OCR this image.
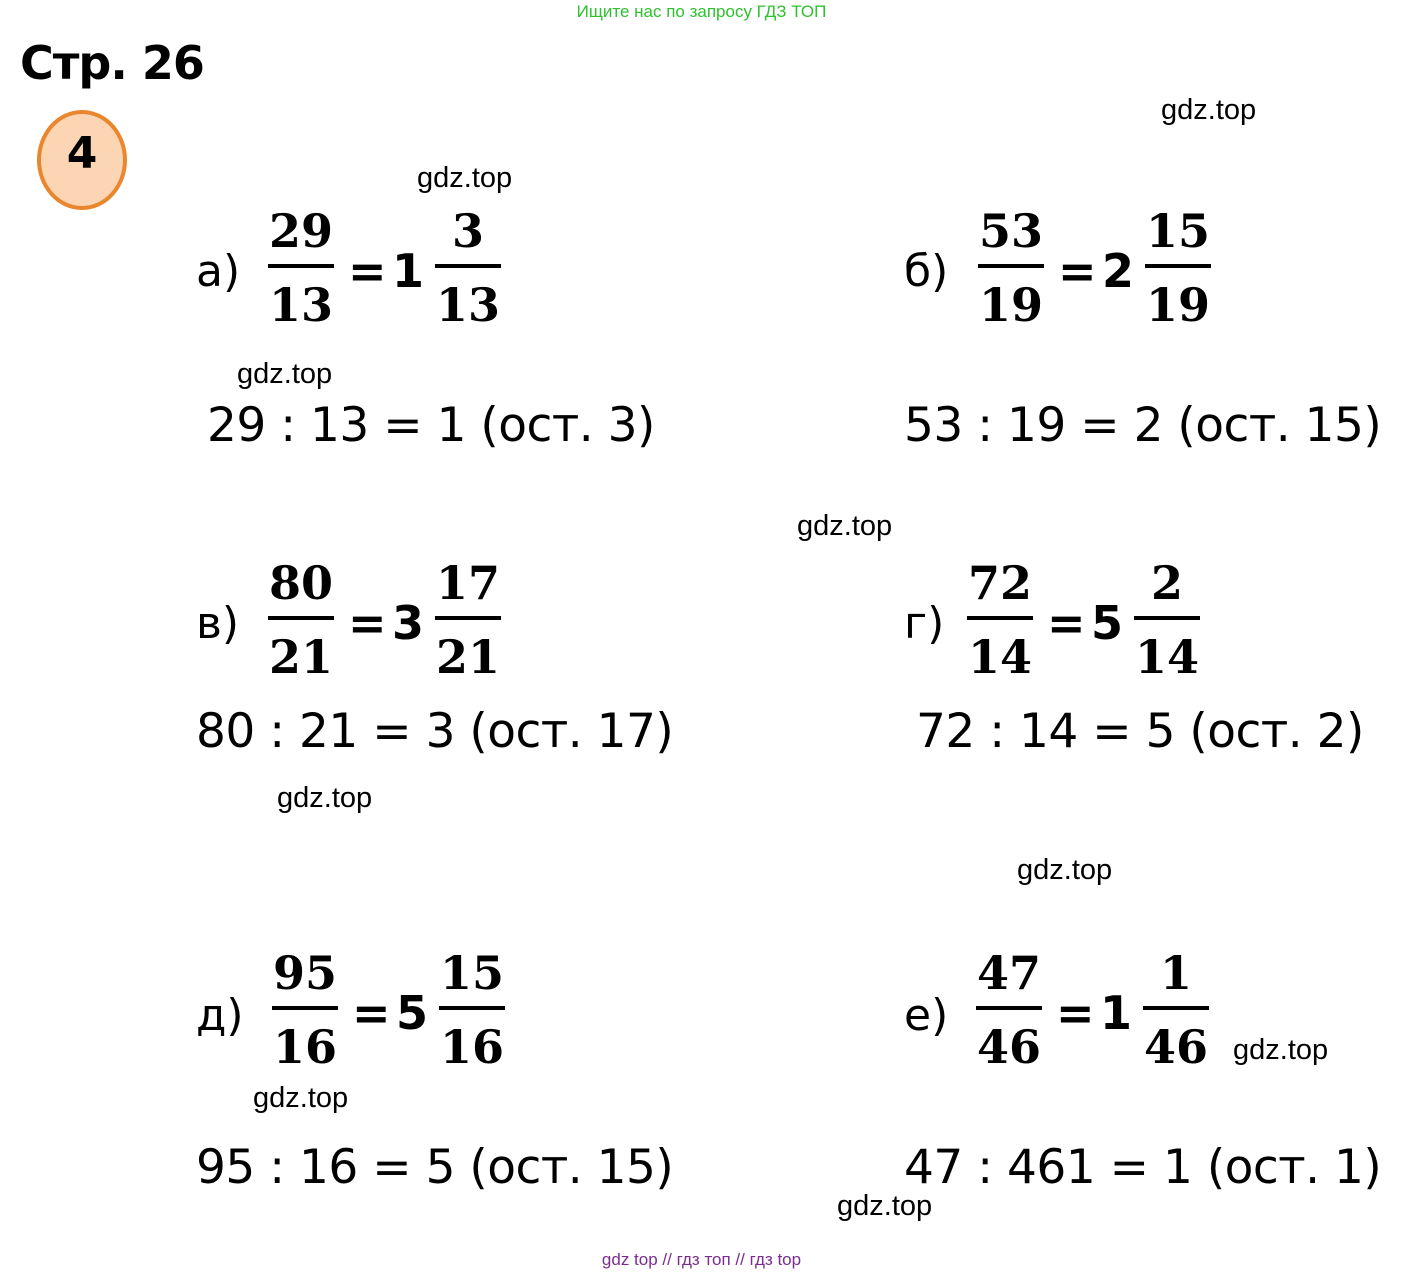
Ищите нас по запросу ГДЗ ТОП
Стр. 26
4
gdz.top
gdz.top
gdz.top
gdz.top
gdz.top
gdz.top
gdz.top
gdz.top
gdz.top
а)
29
13
= 1
3
13
29 : 13 = 1 (ост. 3)
б)
53
19
= 2
15
19
53 : 19 = 2 (ост. 15)
в)
80
21
= 3
17
21
80 : 21 = 3 (ост. 17)
г)
72
14
= 5
2
14
72 : 14 = 5 (ост. 2)
д)
95
16
= 5
15
16
95 : 16 = 5 (ост. 15)
е)
47
46
= 1
1
46
47 : 461 = 1 (ост. 1)
gdz top // гдз топ // гдз top
